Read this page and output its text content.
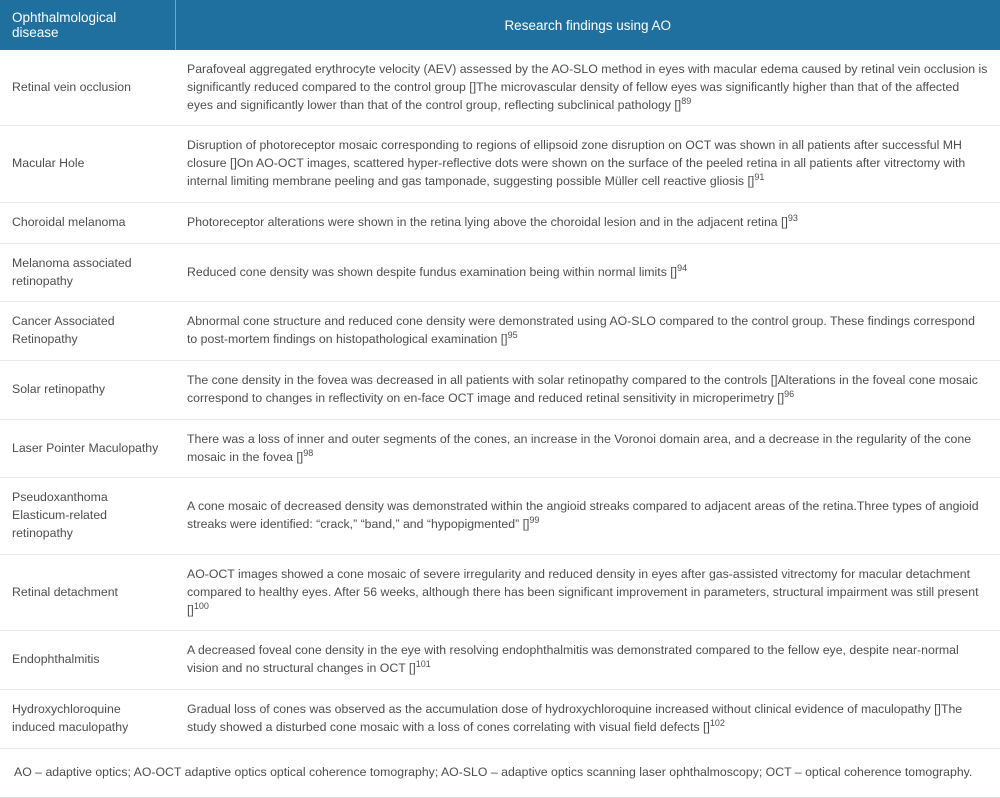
Ophthalmological disease	Research findings using AO
Retinal vein occlusion	Parafoveal aggregated erythrocyte velocity (AEV) assessed by the AO-SLO method in eyes with macular edema caused by retinal vein occlusion is significantly reduced compared to the control group []The microvascular density of fellow eyes was significantly higher than that of the affected eyes and significantly lower than that of the control group, reflecting subclinical pathology []$^{89}$
Macular Hole	Disruption of photoreceptor mosaic corresponding to regions of ellipsoid zone disruption on OCT was shown in all patients after successful MH closure []On AO-OCT images, scattered hyper-reflective dots were shown on the surface of the peeled retina in all patients after vitrectomy with internal limiting membrane peeling and gas tamponade, suggesting possible Müller cell reactive gliosis []$^{91}$
Choroidal melanoma	Photoreceptor alterations were shown in the retina lying above the choroidal lesion and in the adjacent retina []$^{93}$
Melanoma associated retinopathy	Reduced cone density was shown despite fundus examination being within normal limits []$^{94}$
Cancer Associated Retinopathy	Abnormal cone structure and reduced cone density were demonstrated using AO-SLO compared to the control group. These findings correspond to post-mortem findings on histopathological examination []$^{95}$
Solar retinopathy	The cone density in the fovea was decreased in all patients with solar retinopathy compared to the controls []Alterations in the foveal cone mosaic correspond to changes in reflectivity on en-face OCT image and reduced retinal sensitivity in microperimetry []$^{96}$
Laser Pointer Maculopathy	There was a loss of inner and outer segments of the cones, an increase in the Voronoi domain area, and a decrease in the regularity of the cone mosaic in the fovea []$^{98}$
Pseudoxanthoma Elasticum-related retinopathy	A cone mosaic of decreased density was demonstrated within the angioid streaks compared to adjacent areas of the retina.Three types of angioid streaks were identified: “crack,” “band,” and “hypopigmented” []$^{99}$
Retinal detachment	AO-OCT images showed a cone mosaic of severe irregularity and reduced density in eyes after gas-assisted vitrectomy for macular detachment compared to healthy eyes. After 56 weeks, although there has been significant improvement in parameters, structural impairment was still present []$^{100}$
Endophthalmitis	A decreased foveal cone density in the eye with resolving endophthalmitis was demonstrated compared to the fellow eye, despite near-normal vision and no structural changes in OCT []$^{101}$
Hydroxychloroquine induced maculopathy	Gradual loss of cones was observed as the accumulation dose of hydroxychloroquine increased without clinical evidence of maculopathy []The study showed a disturbed cone mosaic with a loss of cones correlating with visual field defects []$^{102}$
AO – adaptive optics; AO-OCT adaptive optics optical coherence tomography; AO-SLO – adaptive optics scanning laser ophthalmoscopy; OCT – optical coherence tomography.
